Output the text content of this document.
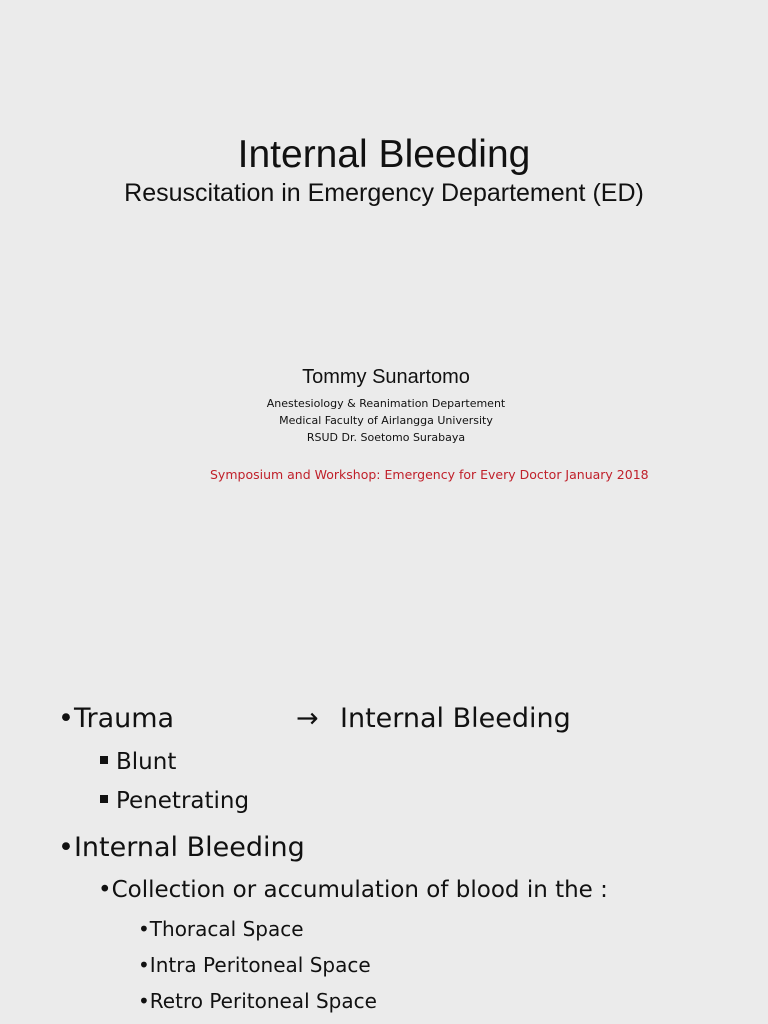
Internal Bleeding
Resuscitation in Emergency Departement (ED)
Tommy Sunartomo
Anestesiology & Reanimation Departement
Medical Faculty of Airlangga University
RSUD Dr. Soetomo Surabaya
Symposium and Workshop: Emergency for Every Doctor January 2018
•Trauma	→ Internal Bleeding
Blunt
Penetrating
•Internal Bleeding
•Collection or accumulation of blood in the :
•Thoracal Space
•Intra Peritoneal Space
•Retro Peritoneal Space
